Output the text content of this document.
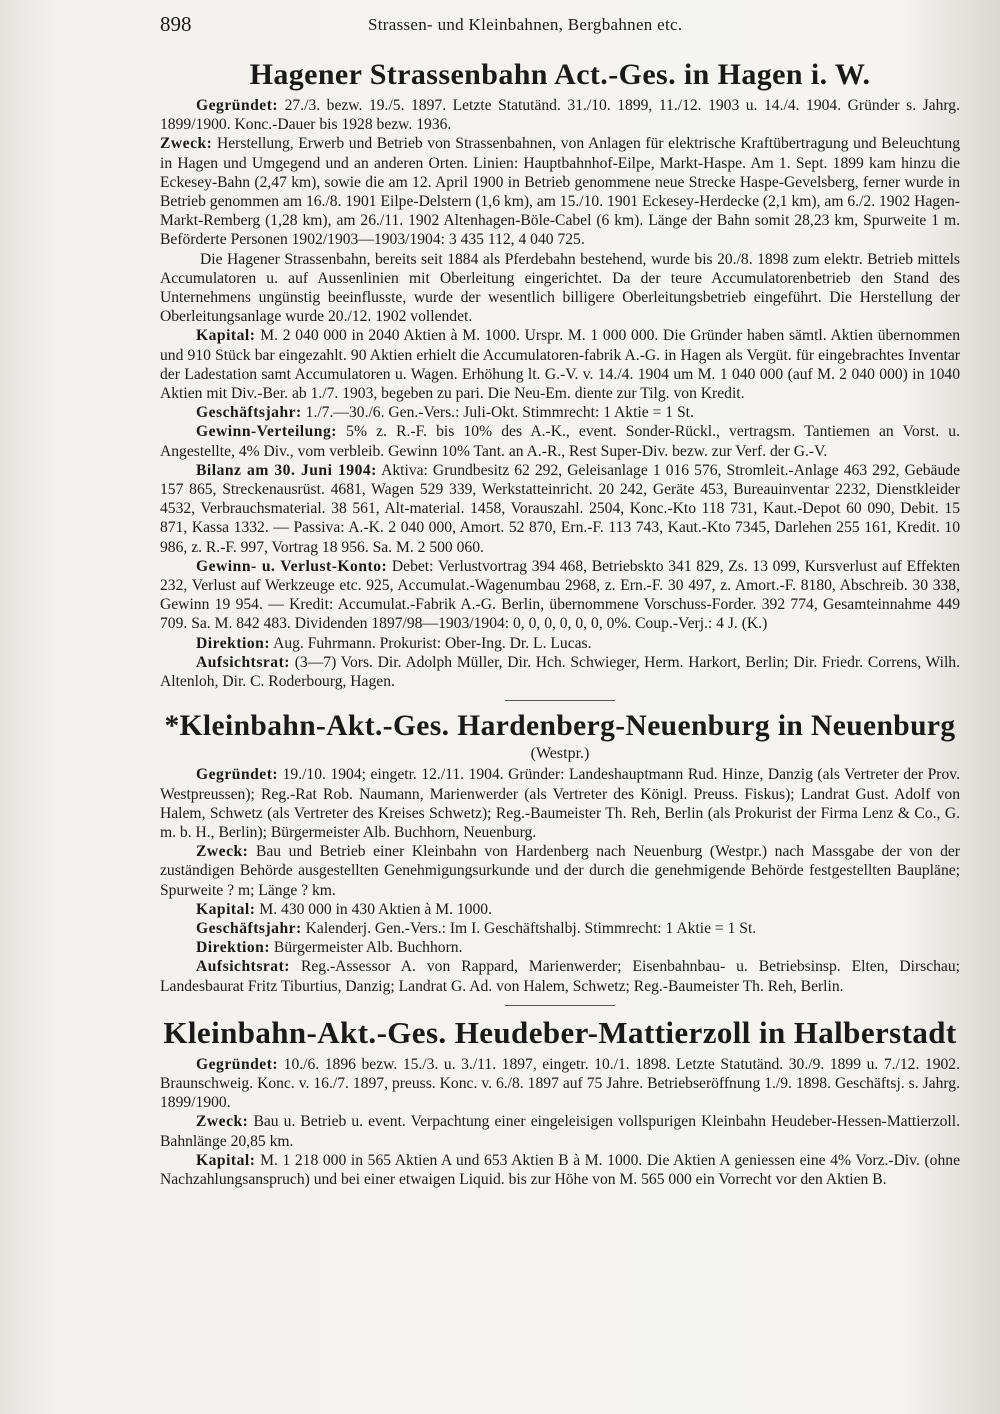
898	Strassen- und Kleinbahnen, Bergbahnen etc.
Hagener Strassenbahn Act.-Ges. in Hagen i. W.

Gegründet: 27./3. bezw. 19./5. 1897. Letzte Statutänd. 31./10. 1899, 11./12. 1903 u. 14./4. 1904. Gründer s. Jahrg. 1899/1900. Konc.-Dauer bis 1928 bezw. 1936.

Zweck: Herstellung, Erwerb und Betrieb von Strassenbahnen, von Anlagen für elektrische Kraftübertragung und Beleuchtung in Hagen und Umgegend und an anderen Orten. Linien: Hauptbahnhof-Eilpe, Markt-Haspe. Am 1. Sept. 1899 kam hinzu die Eckesey-Bahn (2,47 km), sowie die am 12. April 1900 in Betrieb genommene neue Strecke Haspe-Gevelsberg, ferner wurde in Betrieb genommen am 16./8. 1901 Eilpe-Delstern (1,6 km), am 15./10. 1901 Eckesey-Herdecke (2,1 km), am 6./2. 1902 Hagen-Markt-Remberg (1,28 km), am 26./11. 1902 Altenhagen-Böle-Cabel (6 km). Länge der Bahn somit 28,23 km, Spurweite 1 m. Beförderte Personen 1902/1903—1903/1904: 3 435 112, 4 040 725.

Die Hagener Strassenbahn, bereits seit 1884 als Pferdebahn bestehend, wurde bis 20./8. 1898 zum elektr. Betrieb mittels Accumulatoren u. auf Aussenlinien mit Oberleitung eingerichtet. Da der teure Accumulatorenbetrieb den Stand des Unternehmens ungünstig beeinflusste, wurde der wesentlich billigere Oberleitungsbetrieb eingeführt. Die Herstellung der Oberleitungsanlage wurde 20./12. 1902 vollendet.

Kapital: M. 2 040 000 in 2040 Aktien à M. 1000. Urspr. M. 1 000 000. Die Gründer haben sämtl. Aktien übernommen und 910 Stück bar eingezahlt. 90 Aktien erhielt die Accumulatoren-fabrik A.-G. in Hagen als Vergüt. für eingebrachtes Inventar der Ladestation samt Accumulatoren u. Wagen. Erhöhung lt. G.-V. v. 14./4. 1904 um M. 1 040 000 (auf M. 2 040 000) in 1040 Aktien mit Div.-Ber. ab 1./7. 1903, begeben zu pari. Die Neu-Em. diente zur Tilg. von Kredit.

Geschäftsjahr: 1./7.—30./6. Gen.-Vers.: Juli-Okt. Stimmrecht: 1 Aktie = 1 St.

Gewinn-Verteilung: 5% z. R.-F. bis 10% des A.-K., event. Sonder-Rückl., vertragsm. Tantiemen an Vorst. u. Angestellte, 4% Div., vom verbleib. Gewinn 10% Tant. an A.-R., Rest Super-Div. bezw. zur Verf. der G.-V.

Bilanz am 30. Juni 1904: Aktiva: Grundbesitz 62 292, Geleisanlage 1 016 576, Stromleit.-Anlage 463 292, Gebäude 157 865, Streckenausrüst. 4681, Wagen 529 339, Werkstatteinricht. 20 242, Geräte 453, Bureauinventar 2232, Dienstkleider 4532, Verbrauchsmaterial. 38 561, Alt-material. 1458, Vorauszahl. 2504, Konc.-Kto 118 731, Kaut.-Depot 60 090, Debit. 15 871, Kassa 1332. — Passiva: A.-K. 2 040 000, Amort. 52 870, Ern.-F. 113 743, Kaut.-Kto 7345, Darlehen 255 161, Kredit. 10 986, z. R.-F. 997, Vortrag 18 956. Sa. M. 2 500 060.

Gewinn- u. Verlust-Konto: Debet: Verlustvortrag 394 468, Betriebskto 341 829, Zs. 13 099, Kursverlust auf Effekten 232, Verlust auf Werkzeuge etc. 925, Accumulat.-Wagenumbau 2968, z. Ern.-F. 30 497, z. Amort.-F. 8180, Abschreib. 30 338, Gewinn 19 954. — Kredit: Accumulat.-Fabrik A.-G. Berlin, übernommene Vorschuss-Forder. 392 774, Gesamteinnahme 449 709. Sa. M. 842 483. Dividenden 1897/98—1903/1904: 0, 0, 0, 0, 0, 0, 0%. Coup.-Verj.: 4 J. (K.)

Direktion: Aug. Fuhrmann. Prokurist: Ober-Ing. Dr. L. Lucas.

Aufsichtsrat: (3—7) Vors. Dir. Adolph Müller, Dir. Hch. Schwieger, Herm. Harkort, Berlin; Dir. Friedr. Correns, Wilh. Altenloh, Dir. C. Roderbourg, Hagen.

*Kleinbahn-Akt.-Ges. Hardenberg-Neuenburg in Neuenburg
(Westpr.)

Gegründet: 19./10. 1904; eingetr. 12./11. 1904. Gründer: Landeshauptmann Rud. Hinze, Danzig (als Vertreter der Prov. Westpreussen); Reg.-Rat Rob. Naumann, Marienwerder (als Vertreter des Königl. Preuss. Fiskus); Landrat Gust. Adolf von Halem, Schwetz (als Vertreter des Kreises Schwetz); Reg.-Baumeister Th. Reh, Berlin (als Prokurist der Firma Lenz & Co., G. m. b. H., Berlin); Bürgermeister Alb. Buchhorn, Neuenburg.

Zweck: Bau und Betrieb einer Kleinbahn von Hardenberg nach Neuenburg (Westpr.) nach Massgabe der von der zuständigen Behörde ausgestellten Genehmigungsurkunde und der durch die genehmigende Behörde festgestellten Baupläne; Spurweite ? m; Länge ? km.

Kapital: M. 430 000 in 430 Aktien à M. 1000.

Geschäftsjahr: Kalenderj. Gen.-Vers.: Im I. Geschäftshalbj. Stimmrecht: 1 Aktie = 1 St.

Direktion: Bürgermeister Alb. Buchhorn.

Aufsichtsrat: Reg.-Assessor A. von Rappard, Marienwerder; Eisenbahnbau- u. Betriebsinsp. Elten, Dirschau; Landesbaurat Fritz Tiburtius, Danzig; Landrat G. Ad. von Halem, Schwetz; Reg.-Baumeister Th. Reh, Berlin.

Kleinbahn-Akt.-Ges. Heudeber-Mattierzoll in Halberstadt

Gegründet: 10./6. 1896 bezw. 15./3. u. 3./11. 1897, eingetr. 10./1. 1898. Letzte Statutänd. 30./9. 1899 u. 7./12. 1902. Braunschweig. Konc. v. 16./7. 1897, preuss. Konc. v. 6./8. 1897 auf 75 Jahre. Betriebseröffnung 1./9. 1898. Geschäftsj. s. Jahrg. 1899/1900.

Zweck: Bau u. Betrieb u. event. Verpachtung einer eingeleisigen vollspurigen Kleinbahn Heudeber-Hessen-Mattierzoll. Bahnlänge 20,85 km.

Kapital: M. 1 218 000 in 565 Aktien A und 653 Aktien B à M. 1000. Die Aktien A geniessen eine 4% Vorz.-Div. (ohne Nachzahlungsanspruch) und bei einer etwaigen Liquid. bis zur Höhe von M. 565 000 ein Vorrecht vor den Aktien B.
